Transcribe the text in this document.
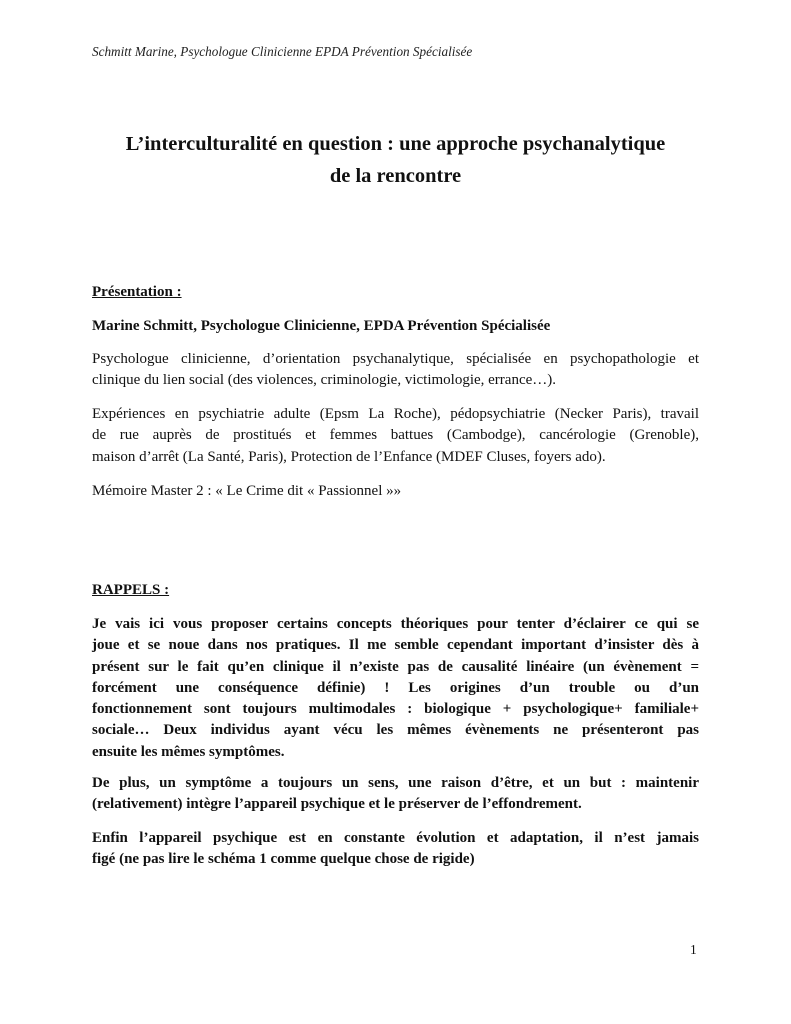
Schmitt Marine, Psychologue Clinicienne EPDA Prévention Spécialisée
L’interculturalité en question : une approche psychanalytique
de la rencontre
Présentation :
Marine Schmitt, Psychologue Clinicienne, EPDA Prévention Spécialisée
Psychologue clinicienne, d’orientation psychanalytique, spécialisée en psychopathologie et
clinique du lien social (des violences, criminologie, victimologie, errance…).
Expériences en psychiatrie adulte (Epsm La Roche), pédopsychiatrie (Necker Paris), travail
de rue auprès de prostitués et femmes battues (Cambodge), cancérologie (Grenoble),
maison d’arrêt (La Santé, Paris), Protection de l’Enfance (MDEF Cluses, foyers ado).
Mémoire Master 2 : « Le Crime dit « Passionnel »»
RAPPELS :
Je vais ici vous proposer certains concepts théoriques pour tenter d’éclairer ce qui se
joue et se noue dans nos pratiques. Il me semble cependant important d’insister dès à
présent sur le fait qu’en clinique il n’existe pas de causalité linéaire (un évènement =
forcément une conséquence définie) ! Les origines d’un trouble ou d’un
fonctionnement sont toujours multimodales : biologique + psychologique+ familiale+
sociale… Deux individus ayant vécu les mêmes évènements ne présenteront pas
ensuite les mêmes symptômes.
De plus, un symptôme a toujours un sens, une raison d’être, et un but : maintenir
(relativement) intègre l’appareil psychique et le préserver de l’effondrement.
Enfin l’appareil psychique est en constante évolution et adaptation, il n’est jamais
figé (ne pas lire le schéma 1 comme quelque chose de rigide)
1
